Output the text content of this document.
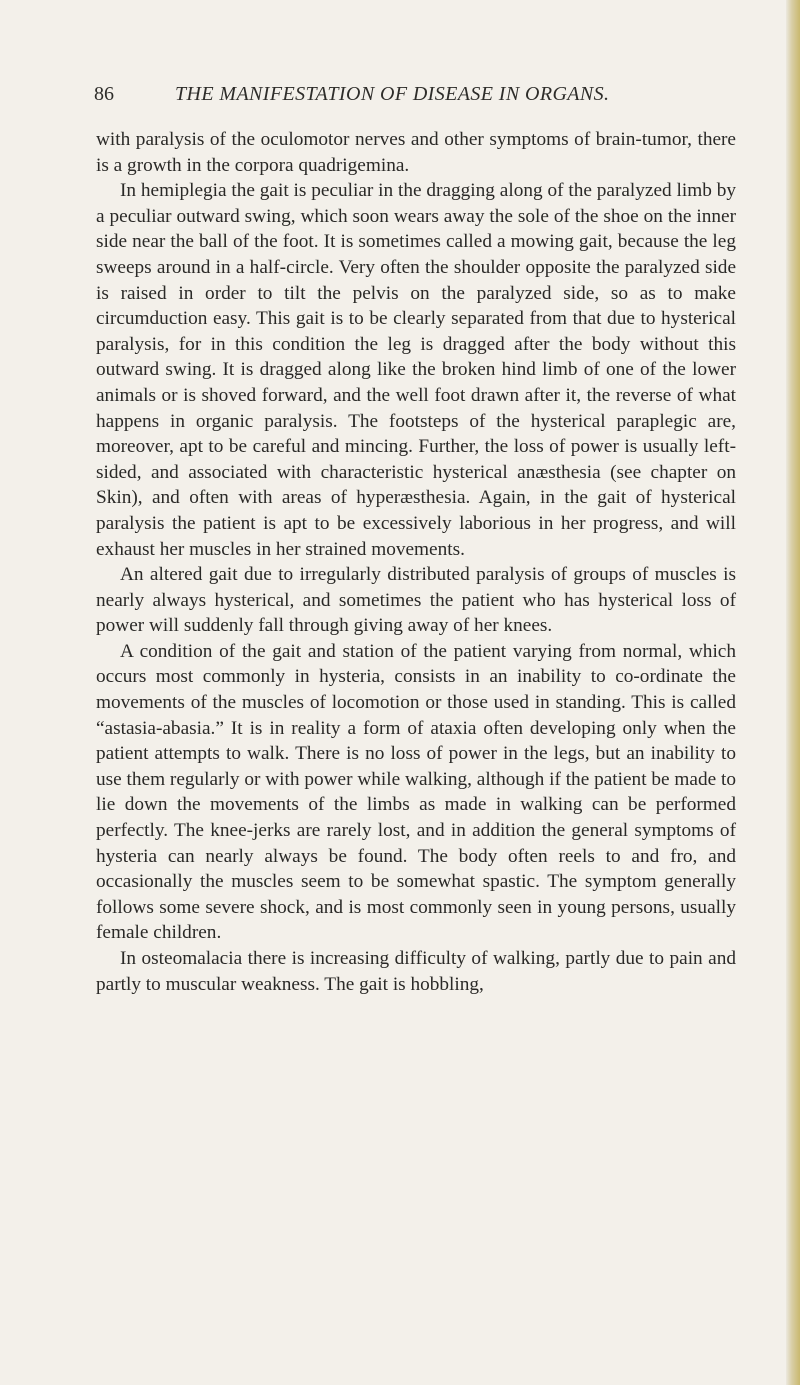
86	THE MANIFESTATION OF DISEASE IN ORGANS.

with paralysis of the oculomotor nerves and other symptoms of brain-tumor, there is a growth in the corpora quadrigemina.

In hemiplegia the gait is peculiar in the dragging along of the paralyzed limb by a peculiar outward swing, which soon wears away the sole of the shoe on the inner side near the ball of the foot. It is sometimes called a mowing gait, because the leg sweeps around in a half-circle. Very often the shoulder opposite the paralyzed side is raised in order to tilt the pelvis on the paralyzed side, so as to make circumduction easy. This gait is to be clearly separated from that due to hysterical paralysis, for in this condition the leg is dragged after the body without this outward swing. It is dragged along like the broken hind limb of one of the lower animals or is shoved forward, and the well foot drawn after it, the reverse of what happens in organic paralysis. The footsteps of the hysterical paraplegic are, moreover, apt to be careful and mincing. Further, the loss of power is usually left-sided, and associated with characteristic hysterical anæsthesia (see chapter on Skin), and often with areas of hyperæsthesia. Again, in the gait of hysterical paralysis the patient is apt to be excessively laborious in her progress, and will exhaust her muscles in her strained movements.

An altered gait due to irregularly distributed paralysis of groups of muscles is nearly always hysterical, and sometimes the patient who has hysterical loss of power will suddenly fall through giving away of her knees.

A condition of the gait and station of the patient varying from normal, which occurs most commonly in hysteria, consists in an inability to co-ordinate the movements of the muscles of locomotion or those used in standing. This is called “astasia-abasia.” It is in reality a form of ataxia often developing only when the patient attempts to walk. There is no loss of power in the legs, but an inability to use them regularly or with power while walking, although if the patient be made to lie down the movements of the limbs as made in walking can be performed perfectly. The knee-jerks are rarely lost, and in addition the general symptoms of hysteria can nearly always be found. The body often reels to and fro, and occasionally the muscles seem to be somewhat spastic. The symptom generally follows some severe shock, and is most commonly seen in young persons, usually female children.

In osteomalacia there is increasing difficulty of walking, partly due to pain and partly to muscular weakness. The gait is hobbling,
